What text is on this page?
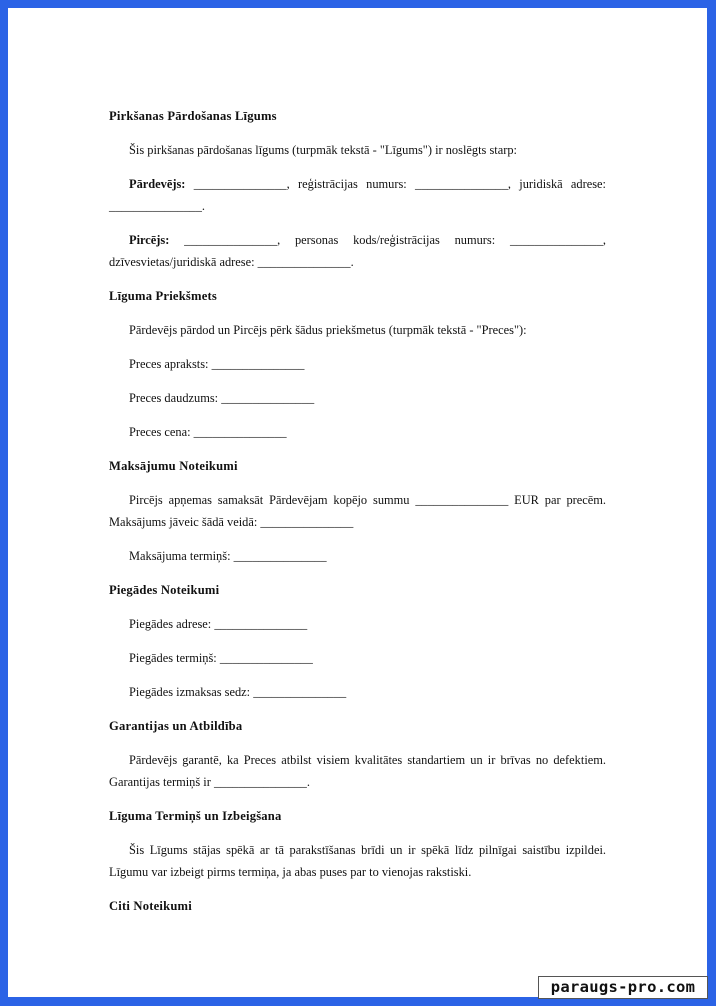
Pirkšanas Pārdošanas Līgums

Šis pirkšanas pārdošanas līgums (turpmāk tekstā - "Līgums") ir noslēgts starp:

Pārdevējs: _______________, reģistrācijas numurs: _______________, juridiskā adrese: _______________.

Pircējs: _______________, personas kods/reģistrācijas numurs: _______________, dzīvesvietas/juridiskā adrese: _______________.

Līguma Priekšmets

Pārdevējs pārdod un Pircējs pērk šādus priekšmetus (turpmāk tekstā - "Preces"):

Preces apraksts: _______________

Preces daudzums: _______________

Preces cena: _______________

Maksājumu Noteikumi

Pircējs apņemas samaksāt Pārdevējam kopējo summu _______________ EUR par precēm. Maksājums jāveic šādā veidā: _______________

Maksājuma termiņš: _______________

Piegādes Noteikumi

Piegādes adrese: _______________

Piegādes termiņš: _______________

Piegādes izmaksas sedz: _______________

Garantijas un Atbildība

Pārdevējs garantē, ka Preces atbilst visiem kvalitātes standartiem un ir brīvas no defektiem. Garantijas termiņš ir _______________.

Līguma Termiņš un Izbeigšana

Šis Līgums stājas spēkā ar tā parakstīšanas brīdi un ir spēkā līdz pilnīgai saistību izpildei. Līgumu var izbeigt pirms termiņa, ja abas puses par to vienojas rakstiski.

Citi Noteikumi
paraugs-pro.com
